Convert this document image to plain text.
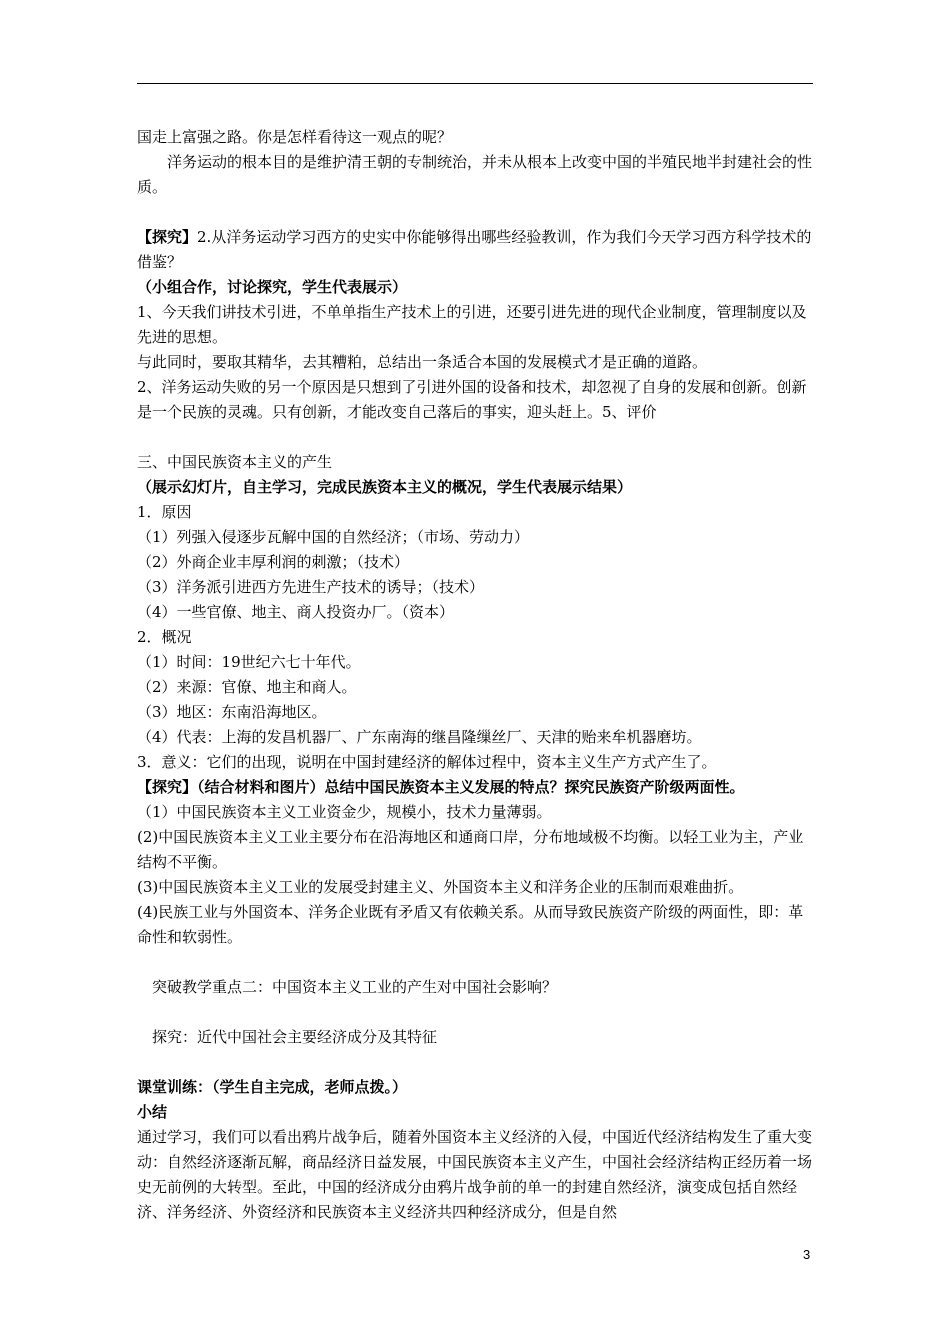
国走上富强之路。你是怎样看待这一观点的呢？

洋务运动的根本目的是维护清王朝的专制统治，并未从根本上改变中国的半殖民地半封建社会的性质。

【探究】2.从洋务运动学习西方的史实中你能够得出哪些经验教训，作为我们今天学习西方科学技术的借鉴？

（小组合作，讨论探究，学生代表展示）

1、今天我们讲技术引进，不单单指生产技术上的引进，还要引进先进的现代企业制度，管理制度以及先进的思想。

与此同时，要取其精华，去其糟粕，总结出一条适合本国的发展模式才是正确的道路。

2、洋务运动失败的另一个原因是只想到了引进外国的设备和技术，却忽视了自身的发展和创新。创新是一个民族的灵魂。只有创新，才能改变自己落后的事实，迎头赶上。5、评价

三、中国民族资本主义的产生

（展示幻灯片，自主学习，完成民族资本主义的概况，学生代表展示结果）

1．原因

（1）列强入侵逐步瓦解中国的自然经济；（市场、劳动力）

（2）外商企业丰厚利润的刺激；（技术）

（3）洋务派引进西方先进生产技术的诱导；（技术）

（4）一些官僚、地主、商人投资办厂。（资本）

2．概况

（1）时间：19世纪六七十年代。

（2）来源：官僚、地主和商人。

（3）地区：东南沿海地区。

（4）代表：上海的发昌机器厂、广东南海的继昌隆缫丝厂、天津的贻来牟机器磨坊。

3．意义：它们的出现，说明在中国封建经济的解体过程中，资本主义生产方式产生了。

【探究】（结合材料和图片）总结中国民族资本主义发展的特点？探究民族资产阶级两面性。

（1）中国民族资本主义工业资金少，规模小，技术力量薄弱。

(2)中国民族资本主义工业主要分布在沿海地区和通商口岸，分布地域极不均衡。以轻工业为主，产业结构不平衡。

(3)中国民族资本主义工业的发展受封建主义、外国资本主义和洋务企业的压制而艰难曲折。

(4)民族工业与外国资本、洋务企业既有矛盾又有依赖关系。从而导致民族资产阶级的两面性，即：革命性和软弱性。

突破教学重点二：中国资本主义工业的产生对中国社会影响？

探究：近代中国社会主要经济成分及其特征

课堂训练：（学生自主完成，老师点拨。）

小结

通过学习，我们可以看出鸦片战争后，随着外国资本主义经济的入侵，中国近代经济结构发生了重大变动：自然经济逐渐瓦解，商品经济日益发展，中国民族资本主义产生，中国社会经济结构正经历着一场史无前例的大转型。至此，中国的经济成分由鸦片战争前的单一的封建自然经济，演变成包括自然经济、洋务经济、外资经济和民族资本主义经济共四种经济成分，但是自然

3
